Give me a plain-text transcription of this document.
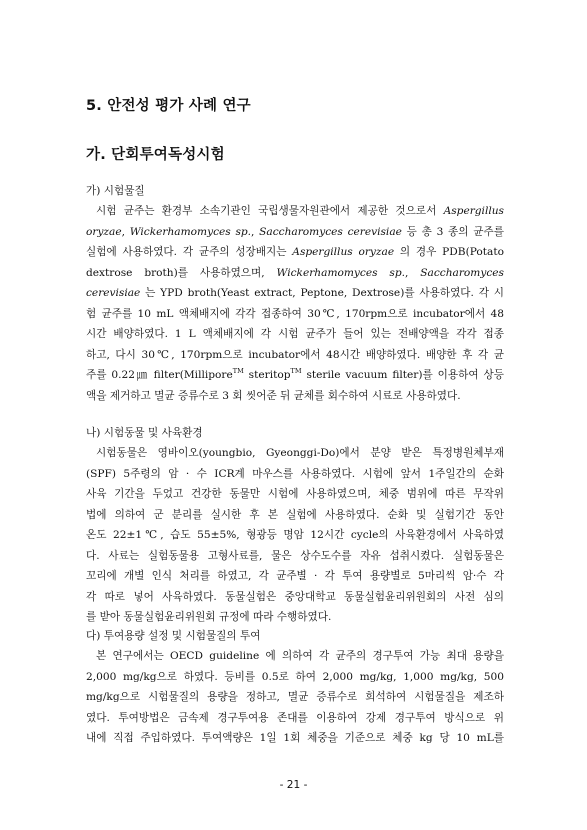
5. 안전성 평가 사례 연구
가. 단회투여독성시험

가) 시험물질

시험 균주는 환경부 소속기관인 국립생물자원관에서 제공한 것으로서 Aspergillus
oryzae, Wickerhamomyces sp., Saccharomyces cerevisiae 등 총 3 종의 균주를
실험에 사용하였다. 각 균주의 성장배지는 Aspergillus oryzae 의 경우 PDB(Potato
dextrose broth)를 사용하였으며, Wickerhamomyces sp., Saccharomyces
cerevisiae 는 YPD broth(Yeast extract, Peptone, Dextrose)를 사용하였다. 각 시
험 균주를 10 mL 액체배지에 각각 접종하여 30℃, 170rpm으로 incubator에서 48
시간 배양하였다. 1 L 액체배지에 각 시험 균주가 들어 있는 전배양액을 각각 접종
하고, 다시 30℃, 170rpm으로 incubator에서 48시간 배양하였다. 배양한 후 각 균
주를 0.22㎛ filter(Millipore™ steritop™ sterile vacuum filter)를 이용하여 상등
액을 제거하고 멸균 증류수로 3 회 씻어준 뒤 균체를 회수하여 시료로 사용하였다.

나) 시험동물 및 사육환경

시험동물은 영바이오(youngbio, Gyeonggi-Do)에서 분양 받은 특정병원체부재
(SPF) 5주령의 암 · 수 ICR계 마우스를 사용하였다. 시험에 앞서 1주일간의 순화
사육 기간을 두었고 건강한 동물만 시험에 사용하였으며, 체중 범위에 따른 무작위
법에 의하여 군 분리를 실시한 후 본 실험에 사용하였다. 순화 및 실험기간 동안
온도 22±1℃, 습도 55±5%, 형광등 명암 12시간 cycle의 사육환경에서 사육하였
다. 사료는 실험동물용 고형사료를, 물은 상수도수를 자유 섭취시켰다. 실험동물은
꼬리에 개별 인식 처리를 하였고, 각 균주별 · 각 투여 용량별로 5마리씩 암·수 각
각 따로 넣어 사육하였다. 동물실험은 중앙대학교 동물실험윤리위원회의 사전 심의
를 받아 동물실험윤리위원회 규정에 따라 수행하였다.

다) 투여용량 설정 및 시험물질의 투여

본 연구에서는 OECD guideline 에 의하여 각 균주의 경구투여 가능 최대 용량을
2,000 mg/kg으로 하였다. 등비를 0.5로 하여 2,000 mg/kg, 1,000 mg/kg, 500
mg/kg으로 시험물질의 용량을 정하고, 멸균 증류수로 희석하여 시험물질을 제조하
였다. 투여방법은 금속제 경구투여용 존대를 이용하여 강제 경구투여 방식으로 위
내에 직접 주입하였다. 투여액량은 1일 1회 체중을 기준으로 체중 kg 당 10 mL를
- 21 -
